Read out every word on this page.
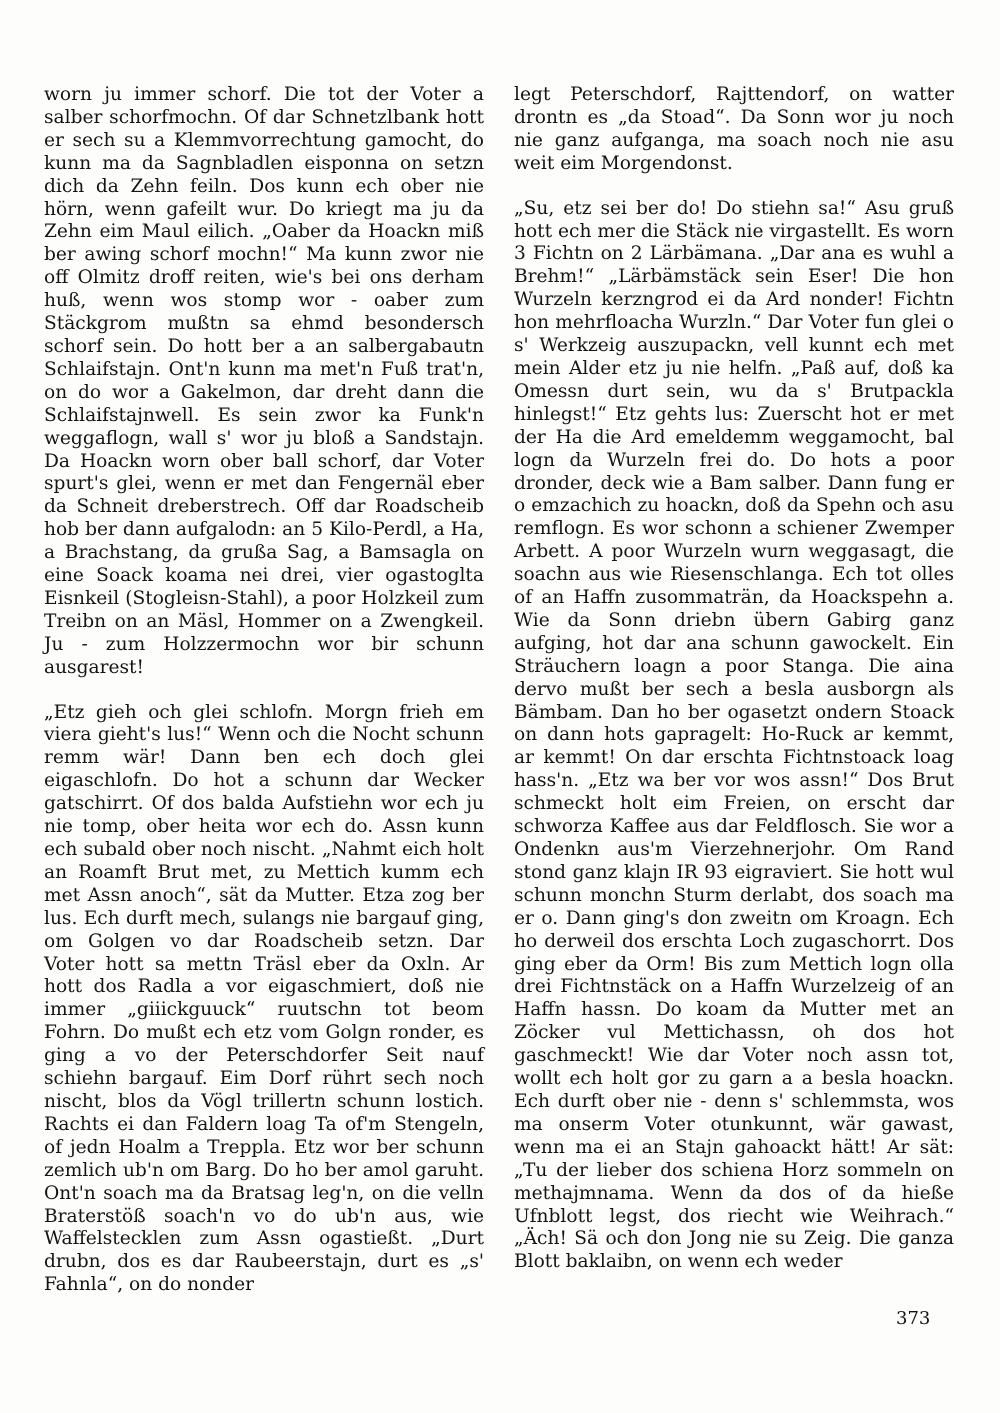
worn ju immer schorf. Die tot der Voter a salber schorfmochn. Of dar Schnetzlbank hott er sech su a Klemmvorrechtung gamocht, do kunn ma da Sagnbladlen eisponna on setzn dich da Zehn feiln. Dos kunn ech ober nie hörn, wenn gafeilt wur. Do kriegt ma ju da Zehn eim Maul eilich. „Oaber da Hoackn miß ber awing schorf mochn!“ Ma kunn zwor nie off Olmitz droff reiten, wie's bei ons derham huß, wenn wos stomp wor - oaber zum Stäckgrom mußtn sa ehmd besondersch schorf sein. Do hott ber a an salbergabautn Schlaifstajn. Ont'n kunn ma met'n Fuß trat'n, on do wor a Gakelmon, dar dreht dann die Schlaifstajnwell. Es sein zwor ka Funk'n weggaflogn, wall s' wor ju bloß a Sandstajn. Da Hoackn worn ober ball schorf, dar Voter spurt's glei, wenn er met dan Fengernäl eber da Schneit dreberstrech. Off dar Roadscheib hob ber dann aufgalodn: an 5 Kilo-Perdl, a Ha, a Brachstang, da grußa Sag, a Bamsagla on eine Soack koama nei drei, vier ogastoglta Eisnkeil (Stogleisn-Stahl), a poor Holzkeil zum Treibn on an Mäsl, Hommer on a Zwengkeil. Ju - zum Holzzermochn wor bir schunn ausgarest!

„Etz gieh och glei schlofn. Morgn frieh em viera gieht's lus!“ Wenn och die Nocht schunn remm wär! Dann ben ech doch glei eigaschlofn. Do hot a schunn dar Wecker gatschirrt. Of dos balda Aufstiehn wor ech ju nie tomp, ober heita wor ech do. Assn kunn ech subald ober noch nischt. „Nahmt eich holt an Roamft Brut met, zu Mettich kumm ech met Assn anoch“, sät da Mutter. Etza zog ber lus. Ech durft mech, sulangs nie bargauf ging, om Golgen vo dar Roadscheib setzn. Dar Voter hott sa mettn Träsl eber da Oxln. Ar hott dos Radla a vor eigaschmiert, doß nie immer „giiickguuck“ ruutschn tot beom Fohrn. Do mußt ech etz vom Golgn ronder, es ging a vo der Peterschdorfer Seit nauf schiehn bargauf. Eim Dorf rührt sech noch nischt, blos da Vögl trillertn schunn lostich. Rachts ei dan Faldern loag Ta of'm Stengeln, of jedn Hoalm a Treppla. Etz wor ber schunn zemlich ub'n om Barg. Do ho ber amol garuht. Ont'n soach ma da Bratsag leg'n, on die velln Braterstöß soach'n vo do ub'n aus, wie Waffelstecklen zum Assn ogastießt. „Durt drubn, dos es dar Raubeerstajn, durt es „s' Fahnla“, on do nonder

legt Peterschdorf, Rajttendorf, on watter drontn es „da Stoad“. Da Sonn wor ju noch nie ganz aufganga, ma soach noch nie asu weit eim Morgendonst.

„Su, etz sei ber do! Do stiehn sa!“ Asu gruß hott ech mer die Stäck nie virgastellt. Es worn 3 Fichtn on 2 Lärbämana. „Dar ana es wuhl a Brehm!“ „Lärbämstäck sein Eser! Die hon Wurzeln kerzngrod ei da Ard nonder! Fichtn hon mehrfloacha Wurzln.“ Dar Voter fun glei o s' Werkzeig auszupackn, vell kunnt ech met mein Alder etz ju nie helfn. „Paß auf, doß ka Omessn durt sein, wu da s' Brutpackla hinlegst!“ Etz gehts lus: Zuerscht hot er met der Ha die Ard emeldemm weggamocht, bal logn da Wurzeln frei do. Do hots a poor dronder, deck wie a Bam salber. Dann fung er o emzachich zu hoackn, doß da Spehn och asu remflogn. Es wor schonn a schiener Zwemper Arbett. A poor Wurzeln wurn weggasagt, die soachn aus wie Riesenschlanga. Ech tot olles of an Haffn zusommaträn, da Hoackspehn a. Wie da Sonn driebn übern Gabirg ganz aufging, hot dar ana schunn gawockelt. Ein Sträuchern loagn a poor Stanga. Die aina dervo mußt ber sech a besla ausborgn als Bämbam. Dan ho ber ogasetzt ondern Stoack on dann hots gapragelt: Ho-Ruck ar kemmt, ar kemmt! On dar erschta Fichtnstoack loag hass'n. „Etz wa ber vor wos assn!“ Dos Brut schmeckt holt eim Freien, on erscht dar schworza Kaffee aus dar Feldflosch. Sie wor a Ondenkn aus'm Vierzehnerjohr. Om Rand stond ganz klajn IR 93 eigraviert. Sie hott wul schunn monchn Sturm derlabt, dos soach ma er o. Dann ging's don zweitn om Kroagn. Ech ho derweil dos erschta Loch zugaschorrt. Dos ging eber da Orm! Bis zum Mettich logn olla drei Fichtnstäck on a Haffn Wurzelzeig of an Haffn hassn. Do koam da Mutter met an Zöcker vul Mettichassn, oh dos hot gaschmeckt! Wie dar Voter noch assn tot, wollt ech holt gor zu garn a a besla hoackn. Ech durft ober nie - denn s' schlemmsta, wos ma onserm Voter otunkunnt, wär gawast, wenn ma ei an Stajn gahoackt hätt! Ar sät: „Tu der lieber dos schiena Horz sommeln on methajmnama. Wenn da dos of da hieße Ufnblott legst, dos riecht wie Weihrach.“ „Äch! Sä och don Jong nie su Zeig. Die ganza Blott baklaibn, on wenn ech weder

373
